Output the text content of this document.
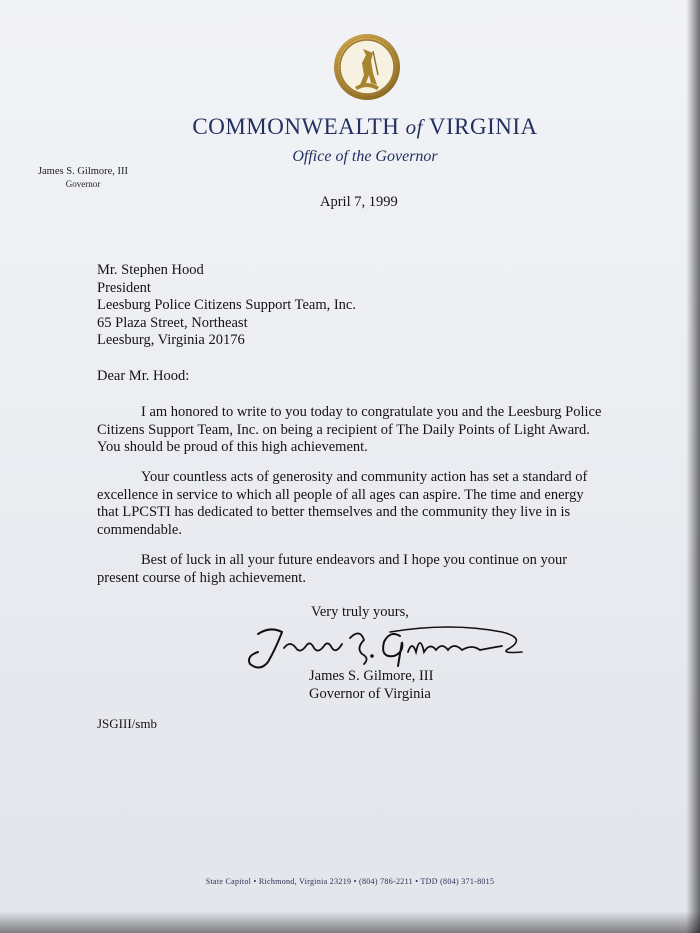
COMMONWEALTH of VIRGINIA
Office of the Governor
James S. Gilmore, III
Governor
April 7, 1999
Mr. Stephen Hood
President
Leesburg Police Citizens Support Team, Inc.
65 Plaza Street, Northeast
Leesburg, Virginia 20176
Dear Mr. Hood:
I am honored to write to you today to congratulate you and the Leesburg Police
Citizens Support Team, Inc. on being a recipient of The Daily Points of Light Award.
You should be proud of this high achievement.
Your countless acts of generosity and community action has set a standard of
excellence in service to which all people of all ages can aspire. The time and energy
that LPCSTI has dedicated to better themselves and the community they live in is
commendable.
Best of luck in all your future endeavors and I hope you continue on your
present course of high achievement.
Very truly yours,
James S. Gilmore, III
Governor of Virginia
JSGIII/smb
State Capitol • Richmond, Virginia 23219 • (804) 786-2211 • TDD (804) 371-8015
